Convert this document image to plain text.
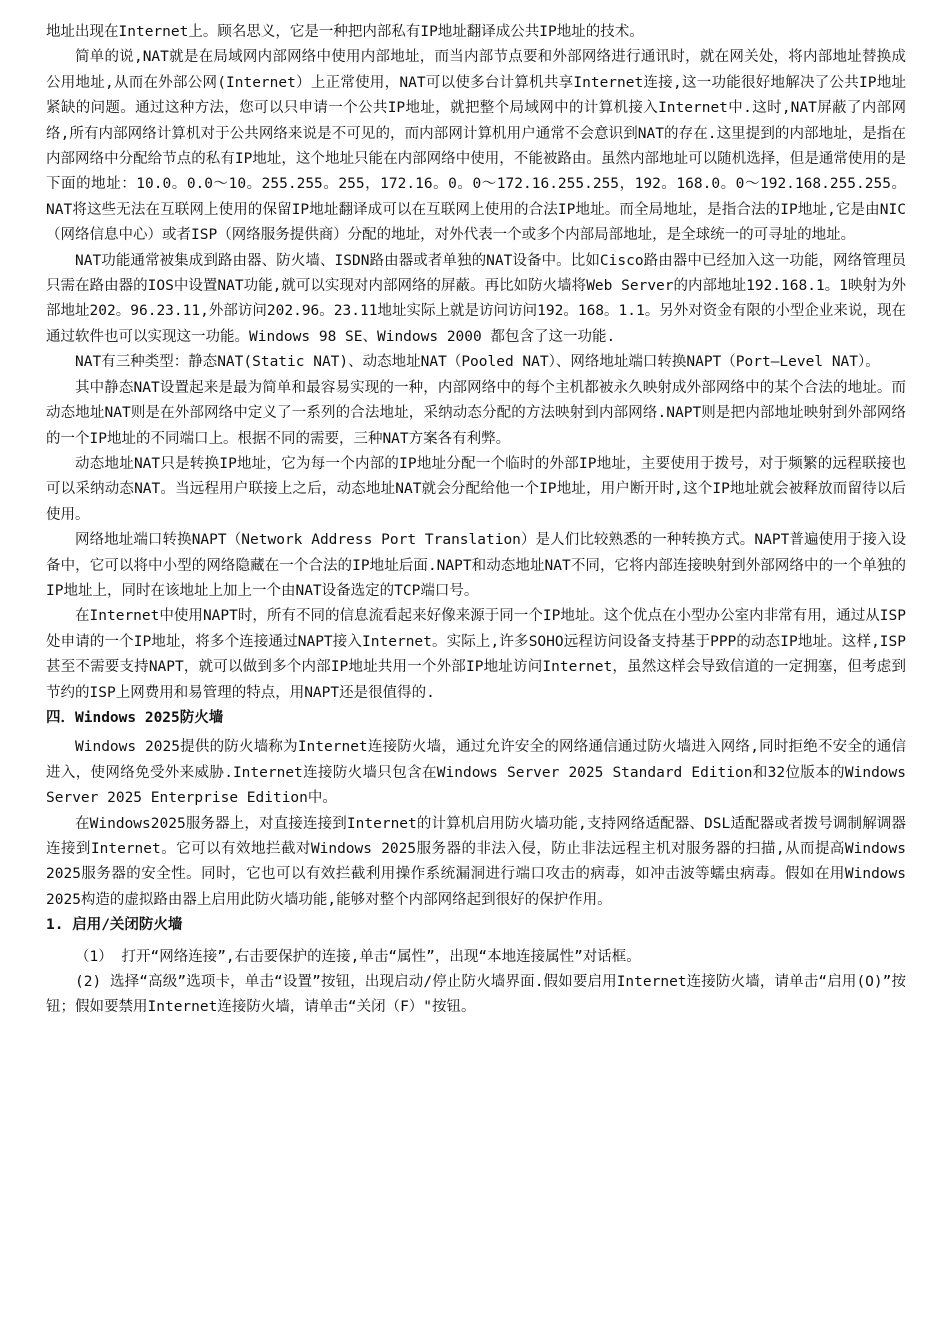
地址出现在Internet上。顾名思义，它是一种把内部私有IP地址翻译成公共IP地址的技术。

简单的说,NAT就是在局域网内部网络中使用内部地址，而当内部节点要和外部网络进行通讯时，就在网关处，将内部地址替换成公用地址,从而在外部公网(Internet）上正常使用，NAT可以使多台计算机共享Internet连接,这一功能很好地解决了公共IP地址紧缺的问题。通过这种方法，您可以只申请一个公共IP地址，就把整个局域网中的计算机接入Internet中.这时,NAT屏蔽了内部网络,所有内部网络计算机对于公共网络来说是不可见的，而内部网计算机用户通常不会意识到NAT的存在.这里提到的内部地址，是指在内部网络中分配给节点的私有IP地址，这个地址只能在内部网络中使用，不能被路由。虽然内部地址可以随机选择，但是通常使用的是下面的地址：10.0。0.0～10。255.255。255，172.16。0。0～172.16.255.255，192。168.0。0～192.168.255.255。NAT将这些无法在互联网上使用的保留IP地址翻译成可以在互联网上使用的合法IP地址。而全局地址，是指合法的IP地址,它是由NIC（网络信息中心）或者ISP（网络服务提供商）分配的地址，对外代表一个或多个内部局部地址，是全球统一的可寻址的地址。

NAT功能通常被集成到路由器、防火墙、ISDN路由器或者单独的NAT设备中。比如Cisco路由器中已经加入这一功能，网络管理员只需在路由器的IOS中设置NAT功能,就可以实现对内部网络的屏蔽。再比如防火墙将Web Server的内部地址192.168.1。1映射为外部地址202。96.23.11,外部访问202.96。23.11地址实际上就是访问访问192。168。1.1。另外对资金有限的小型企业来说，现在通过软件也可以实现这一功能。Windows 98 SE、Windows 2000 都包含了这一功能.

NAT有三种类型：静态NAT(Static NAT)、动态地址NAT（Pooled NAT）、网络地址端口转换NAPT（Port—Level NAT）。

其中静态NAT设置起来是最为简单和最容易实现的一种，内部网络中的每个主机都被永久映射成外部网络中的某个合法的地址。而动态地址NAT则是在外部网络中定义了一系列的合法地址，采纳动态分配的方法映射到内部网络.NAPT则是把内部地址映射到外部网络的一个IP地址的不同端口上。根据不同的需要，三种NAT方案各有利弊。

动态地址NAT只是转换IP地址，它为每一个内部的IP地址分配一个临时的外部IP地址，主要使用于拨号，对于频繁的远程联接也可以采纳动态NAT。当远程用户联接上之后，动态地址NAT就会分配给他一个IP地址，用户断开时,这个IP地址就会被释放而留待以后使用。

网络地址端口转换NAPT（Network Address Port Translation）是人们比较熟悉的一种转换方式。NAPT普遍使用于接入设备中，它可以将中小型的网络隐藏在一个合法的IP地址后面.NAPT和动态地址NAT不同，它将内部连接映射到外部网络中的一个单独的IP地址上，同时在该地址上加上一个由NAT设备选定的TCP端口号。

在Internet中使用NAPT时，所有不同的信息流看起来好像来源于同一个IP地址。这个优点在小型办公室内非常有用，通过从ISP处申请的一个IP地址，将多个连接通过NAPT接入Internet。实际上,许多SOHO远程访问设备支持基于PPP的动态IP地址。这样,ISP甚至不需要支持NAPT，就可以做到多个内部IP地址共用一个外部IP地址访问Internet，虽然这样会导致信道的一定拥塞，但考虑到节约的ISP上网费用和易管理的特点，用NAPT还是很值得的.

四．Windows 2025防火墙

Windows 2025提供的防火墙称为Internet连接防火墙，通过允许安全的网络通信通过防火墙进入网络,同时拒绝不安全的通信进入，使网络免受外来威胁.Internet连接防火墙只包含在Windows Server 2025 Standard Edition和32位版本的Windows Server 2025 Enterprise Edition中。

在Windows2025服务器上，对直接连接到Internet的计算机启用防火墙功能,支持网络适配器、DSL适配器或者拨号调制解调器连接到Internet。它可以有效地拦截对Windows 2025服务器的非法入侵，防止非法远程主机对服务器的扫描,从而提高Windows 2025服务器的安全性。同时，它也可以有效拦截利用操作系统漏洞进行端口攻击的病毒，如冲击波等蠕虫病毒。假如在用Windows 2025构造的虚拟路由器上启用此防火墙功能,能够对整个内部网络起到很好的保护作用。

1. 启用/关闭防火墙

（1） 打开“网络连接”,右击要保护的连接,单击“属性”，出现“本地连接属性”对话框。

(2) 选择“高级”选项卡，单击“设置”按钮，出现启动/停止防火墙界面.假如要启用Internet连接防火墙，请单击“启用(O)”按钮；假如要禁用Internet连接防火墙，请单击“关闭（F）"按钮。
